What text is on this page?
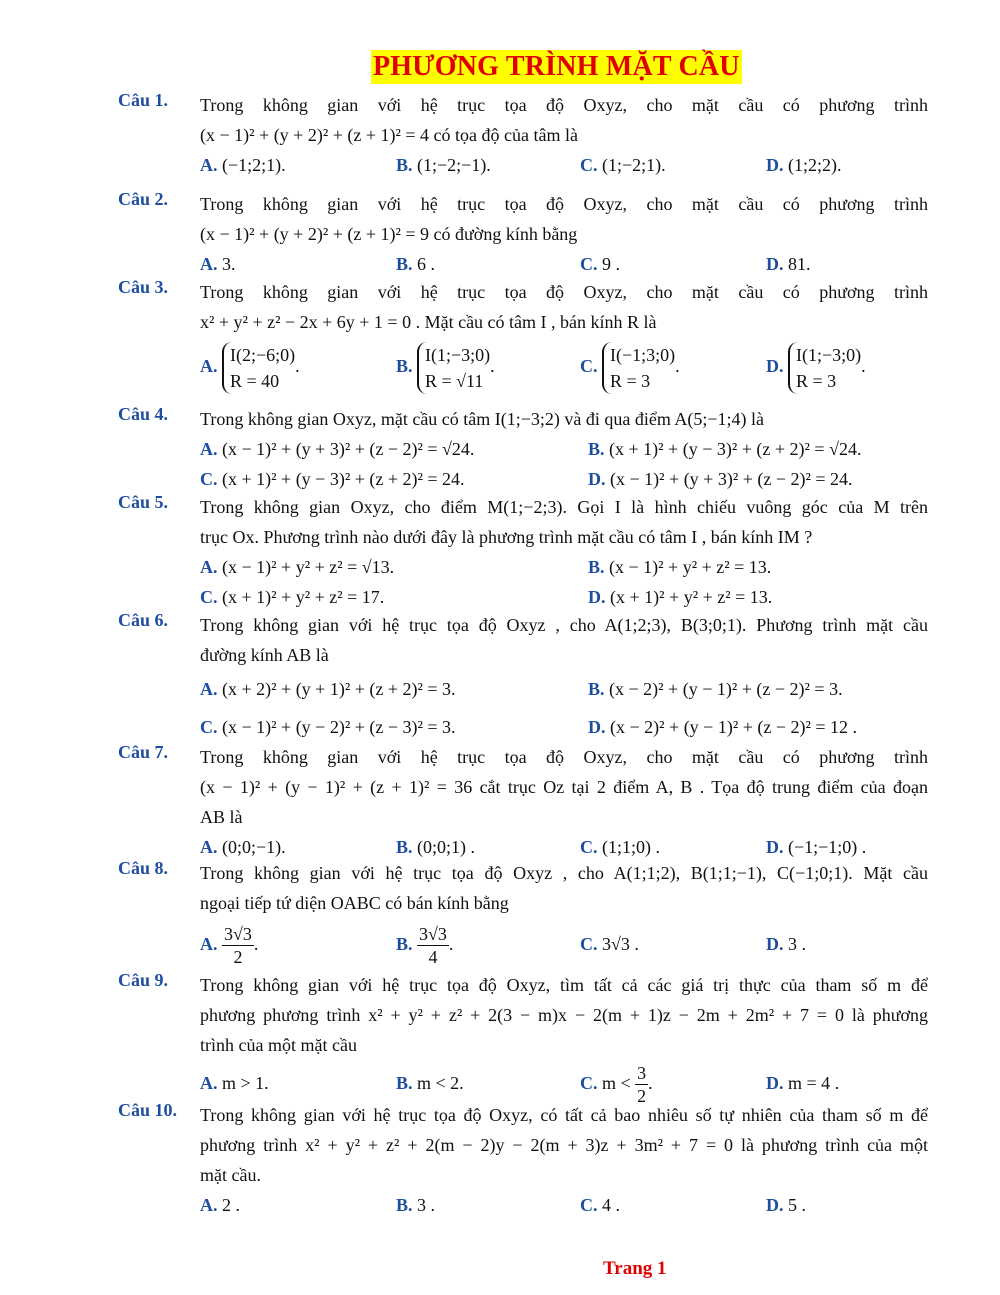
PHƯƠNG TRÌNH MẶT CẦU
Câu 1. Trong không gian với hệ trục tọa độ Oxyz, cho mặt cầu có phương trình
(x − 1)² + (y + 2)² + (z + 1)² = 4 có tọa độ của tâm là
A. (−1;2;1).	B. (1;−2;−1).	C. (1;−2;1).	D. (1;2;2).
Câu 2. Trong không gian với hệ trục tọa độ Oxyz, cho mặt cầu có phương trình
(x − 1)² + (y + 2)² + (z + 1)² = 9 có đường kính bằng
A. 3.	B. 6 .	C. 9 .	D. 81.
Câu 3. Trong không gian với hệ trục tọa độ Oxyz, cho mặt cầu có phương trình
x² + y² + z² − 2x + 6y + 1 = 0 . Mặt cầu có tâm I , bán kính R là
A.
I(2;−6;0)
R = 40
.	B.
I(1;−3;0)
R = √11
.	C.
I(−1;3;0)
R = 3
.	D.
I(1;−3;0)
R = 3
.
Câu 4. Trong không gian Oxyz, mặt cầu có tâm I(1;−3;2) và đi qua điểm A(5;−1;4) là
A. (x − 1)² + (y + 3)² + (z − 2)² = √24.	B. (x + 1)² + (y − 3)² + (z + 2)² = √24.
C. (x + 1)² + (y − 3)² + (z + 2)² = 24.	D. (x − 1)² + (y + 3)² + (z − 2)² = 24.
Câu 5. Trong không gian Oxyz, cho điểm M(1;−2;3). Gọi I là hình chiếu vuông góc của M trên
trục Ox. Phương trình nào dưới đây là phương trình mặt cầu có tâm I , bán kính IM ?
A. (x − 1)² + y² + z² = √13.	B. (x − 1)² + y² + z² = 13.
C. (x + 1)² + y² + z² = 17.	D. (x + 1)² + y² + z² = 13.
Câu 6. Trong không gian với hệ trục tọa độ Oxyz , cho A(1;2;3), B(3;0;1). Phương trình mặt cầu
đường kính AB là
A. (x + 2)² + (y + 1)² + (z + 2)² = 3.	B. (x − 2)² + (y − 1)² + (z − 2)² = 3.
C. (x − 1)² + (y − 2)² + (z − 3)² = 3.	D. (x − 2)² + (y − 1)² + (z − 2)² = 12 .
Câu 7. Trong không gian với hệ trục tọa độ Oxyz, cho mặt cầu có phương trình
(x − 1)² + (y − 1)² + (z + 1)² = 36 cắt trục Oz tại 2 điểm A, B . Tọa độ trung điểm của đoạn
AB là
A. (0;0;−1).	B. (0;0;1) .	C. (1;1;0) .	D. (−1;−1;0) .
Câu 8. Trong không gian với hệ trục tọa độ Oxyz , cho A(1;1;2), B(1;1;−1), C(−1;0;1). Mặt cầu
ngoại tiếp tứ diện OABC có bán kính bằng
A. $\frac{3√3}{2}$ .	B. $\frac{3√3}{4}$ .	C. 3√3 .	D. 3 .
Câu 9. Trong không gian với hệ trục tọa độ Oxyz, tìm tất cả các giá trị thực của tham số m để
phương phương trình x² + y² + z² + 2(3 − m)x − 2(m + 1)z − 2m + 2m² + 7 = 0 là phương
trình của một mặt cầu
A. m > 1.	B. m < 2.	C. $m < \frac{3}{2}$ .	D. m = 4 .
Câu 10. Trong không gian với hệ trục tọa độ Oxyz, có tất cả bao nhiêu số tự nhiên của tham số m để
phương trình x² + y² + z² + 2(m − 2)y − 2(m + 3)z + 3m² + 7 = 0 là phương trình của một
mặt cầu.
A. 2 .	B. 3 .	C. 4 .	D. 5 .
Trang 1
